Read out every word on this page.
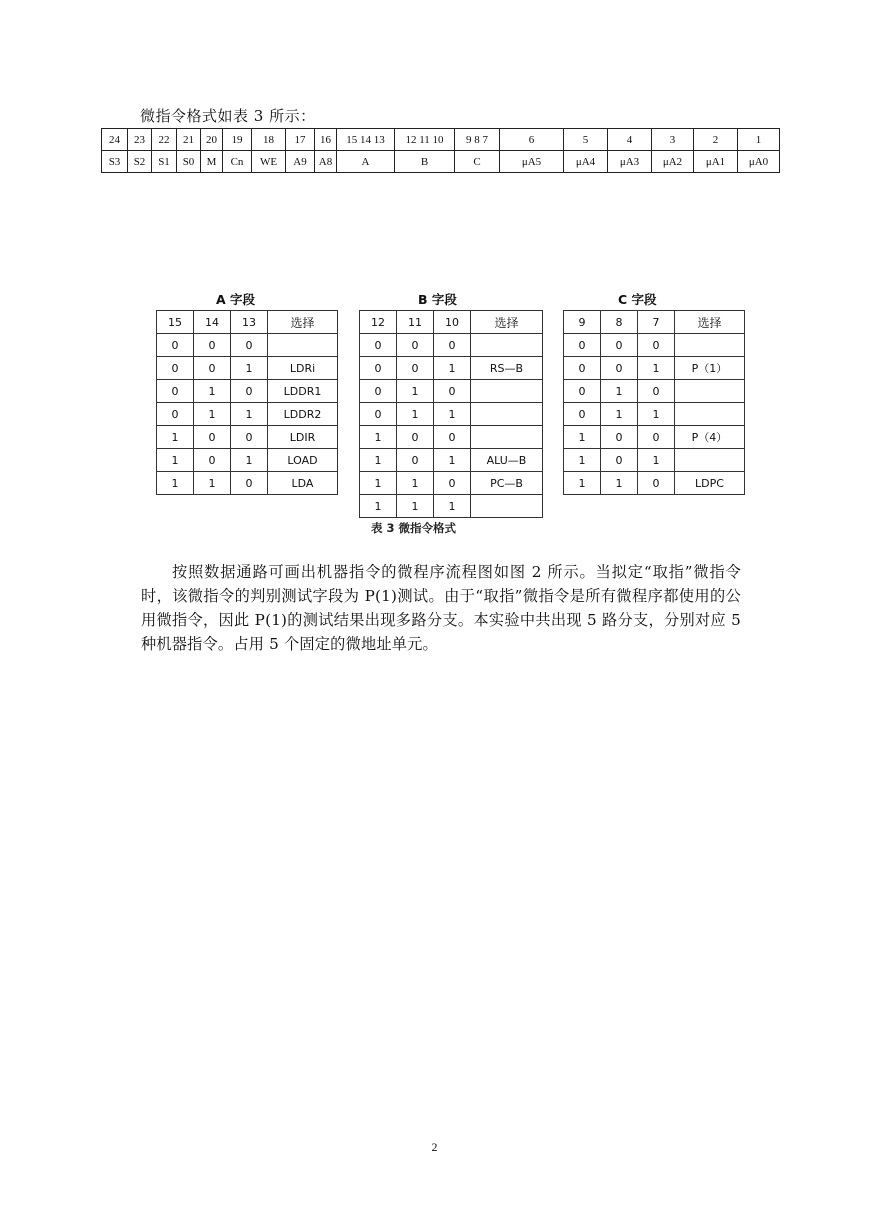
微指令格式如表 3 所示：
24	23	22	21	20	19	18	17	16	15 14 13	12 11 10	9 8 7	6	5	4	3	2	1
S3	S2	S1	S0	M	Cn	WE	A9	A8	A	B	C	μA5	μA4	μA3	μA2	μA1	μA0
A 字段	B 字段	C 字段
15	14	13	选择
0	0	0	
0	0	1	LDRi
0	1	0	LDDR1
0	1	1	LDDR2
1	0	0	LDIR
1	0	1	LOAD
1	1	0	LDA
12	11	10	选择
0	0	0	
0	0	1	RS—B
0	1	0	
0	1	1	
1	0	0	
1	0	1	ALU—B
1	1	0	PC—B
1	1	1	
9	8	7	选择
0	0	0	
0	0	1	P（1）
0	1	0	
0	1	1	
1	0	0	P（4）
1	0	1	
1	1	0	LDPC
表 3 微指令格式
按照数据通路可画出机器指令的微程序流程图如图 2 所示。当拟定“取指”微指令时，该微指令的判别测试字段为 P(1)测试。由于“取指”微指令是所有微程序都使用的公用微指令，因此 P(1)的测试结果出现多路分支。本实验中共出现 5 路分支，分别对应 5 种机器指令。占用 5 个固定的微地址单元。
2
